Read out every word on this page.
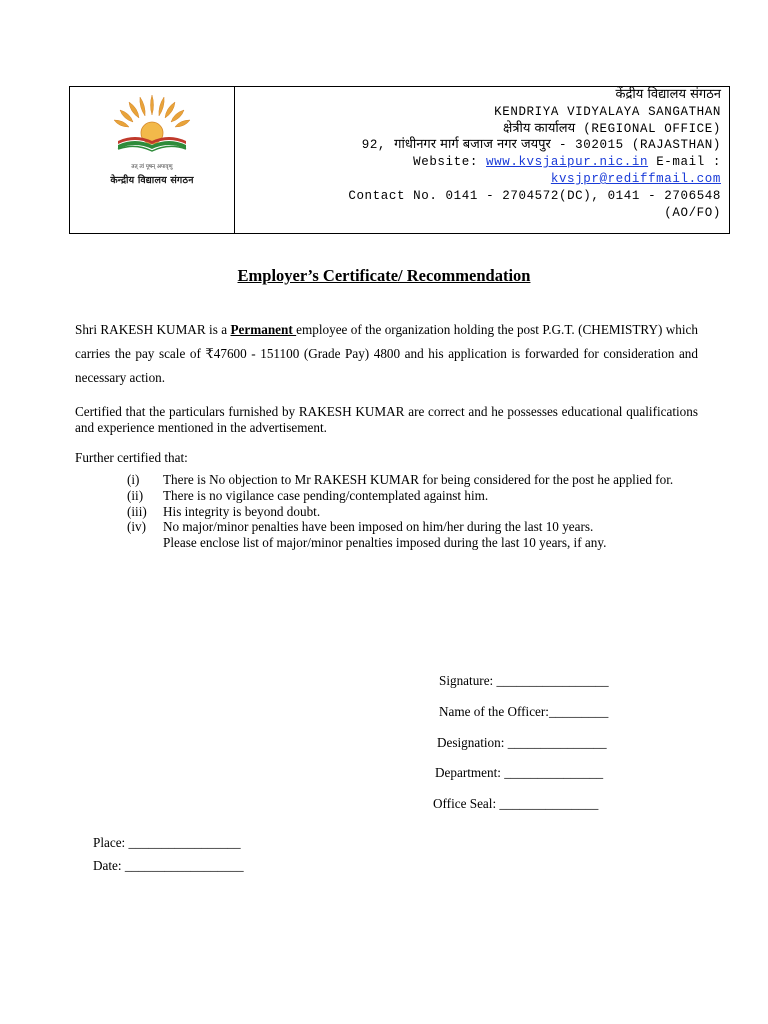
तत् त्वं पूषन् अपावृणु
केन्द्रीय विद्यालय संगठन
केंद्रीय विद्यालय संगठन
KENDRIYA VIDYALAYA SANGATHAN
क्षेत्रीय कार्यालय (REGIONAL OFFICE)
92, गांधीनगर मार्ग बजाज नगर जयपुर - 302015 (RAJASTHAN)
Website: www.kvsjaipur.nic.in E-mail :
kvsjpr@rediffmail.com
Contact No. 0141 - 2704572(DC), 0141 - 2706548
(AO/FO)
Employer’s Certificate/ Recommendation
Shri RAKESH KUMAR is a Permanent employee of the organization holding the post P.G.T. (CHEMISTRY) which carries the pay scale of ₹47600 - 151100 (Grade Pay) 4800 and his application is forwarded for consideration and necessary action.
Certified that the particulars furnished by RAKESH KUMAR are correct and he possesses educational qualifications and experience mentioned in the advertisement.
Further certified that:
(i)	There is No objection to Mr RAKESH KUMAR for being considered for the post he applied for.
(ii)	There is no vigilance case pending/contemplated against him.
(iii)	His integrity is beyond doubt.
(iv)	No major/minor penalties have been imposed on him/her during the last 10 years.
Please enclose list of major/minor penalties imposed during the last 10 years, if any.
Signature: _________________
Name of the Officer:_________
Designation: _______________
Department: _______________
Office Seal: _______________
Place: _________________
Date: __________________
